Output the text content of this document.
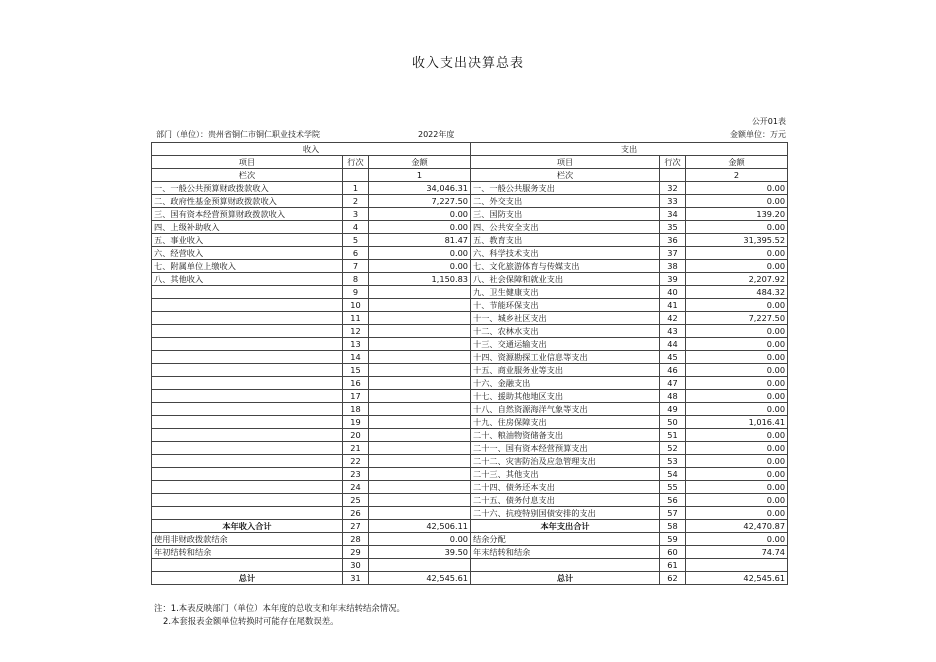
收入支出决算总表
公开01表
部门（单位）：贵州省铜仁市铜仁职业技术学院	2022年度	金额单位：万元
收入			支出		
项目	行次	金额	项目	行次	金额
栏次		1	栏次		2
一、一般公共预算财政拨款收入	1	34,046.31	一、一般公共服务支出	32	0.00
二、政府性基金预算财政拨款收入	2	7,227.50	二、外交支出	33	0.00
三、国有资本经营预算财政拨款收入	3	0.00	三、国防支出	34	139.20
四、上级补助收入	4	0.00	四、公共安全支出	35	0.00
五、事业收入	5	81.47	五、教育支出	36	31,395.52
六、经营收入	6	0.00	六、科学技术支出	37	0.00
七、附属单位上缴收入	7	0.00	七、文化旅游体育与传媒支出	38	0.00
八、其他收入	8	1,150.83	八、社会保障和就业支出	39	2,207.92
	9		九、卫生健康支出	40	484.32
	10		十、节能环保支出	41	0.00
	11		十一、城乡社区支出	42	7,227.50
	12		十二、农林水支出	43	0.00
	13		十三、交通运输支出	44	0.00
	14		十四、资源勘探工业信息等支出	45	0.00
	15		十五、商业服务业等支出	46	0.00
	16		十六、金融支出	47	0.00
	17		十七、援助其他地区支出	48	0.00
	18		十八、自然资源海洋气象等支出	49	0.00
	19		十九、住房保障支出	50	1,016.41
	20		二十、粮油物资储备支出	51	0.00
	21		二十一、国有资本经营预算支出	52	0.00
	22		二十二、灾害防治及应急管理支出	53	0.00
	23		二十三、其他支出	54	0.00
	24		二十四、债务还本支出	55	0.00
	25		二十五、债务付息支出	56	0.00
	26		二十六、抗疫特别国债安排的支出	57	0.00
本年收入合计	27	42,506.11	本年支出合计	58	42,470.87
使用非财政拨款结余	28	0.00	结余分配	59	0.00
年初结转和结余	29	39.50	年末结转和结余	60	74.74
	30			61	
总计	31	42,545.61	总计	62	42,545.61
注：1.本表反映部门（单位）本年度的总收支和年末结转结余情况。
2.本套报表金额单位转换时可能存在尾数误差。
